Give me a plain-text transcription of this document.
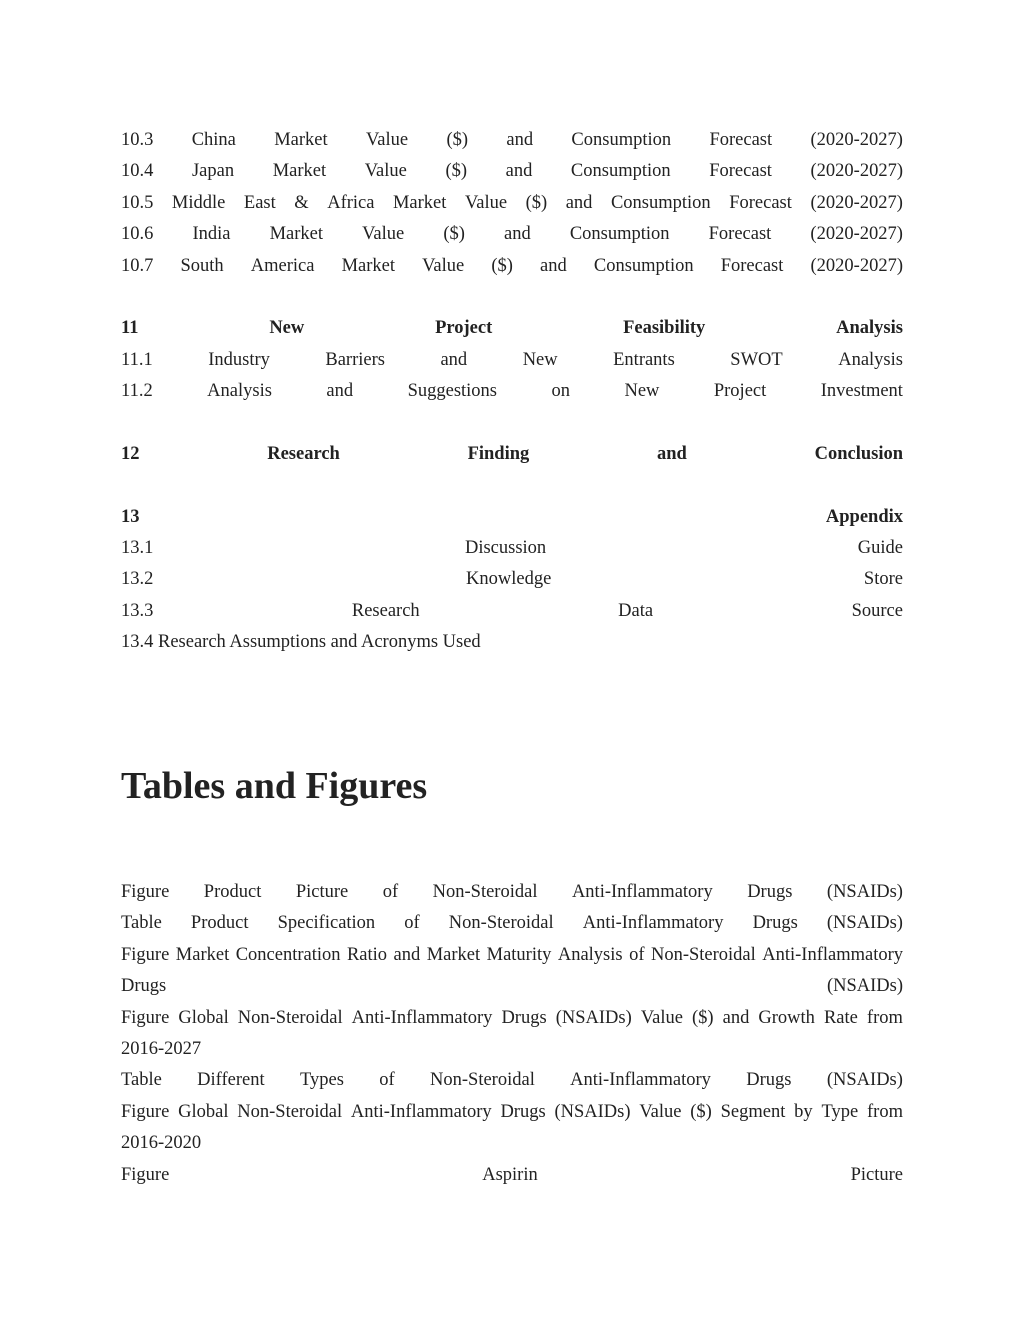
10.3 China Market Value ($) and Consumption Forecast (2020-2027)
10.4 Japan Market Value ($) and Consumption Forecast (2020-2027)
10.5 Middle East & Africa Market Value ($) and Consumption Forecast (2020-2027)
10.6 India Market Value ($) and Consumption Forecast (2020-2027)
10.7 South America Market Value ($) and Consumption Forecast (2020-2027)
11	New	Project	Feasibility	Analysis
11.1	Industry	Barriers	and	New	Entrants	SWOT	Analysis
11.2	Analysis	and	Suggestions	on	New	Project	Investment
12	Research	Finding	and	Conclusion
13	Appendix
13.1	Discussion	Guide
13.2	Knowledge	Store
13.3	Research	Data	Source
13.4 Research Assumptions and Acronyms Used
Tables and Figures
Figure Product Picture of Non-Steroidal Anti-Inflammatory Drugs (NSAIDs)
Table Product Specification of Non-Steroidal Anti-Inflammatory Drugs (NSAIDs)
Figure Market Concentration Ratio and Market Maturity Analysis of Non-Steroidal Anti-Inflammatory
Drugs	(NSAIDs)
Figure Global Non-Steroidal Anti-Inflammatory Drugs (NSAIDs) Value ($) and Growth Rate from
2016-2027
Table Different Types of Non-Steroidal Anti-Inflammatory Drugs (NSAIDs)
Figure Global Non-Steroidal Anti-Inflammatory Drugs (NSAIDs) Value ($) Segment by Type from
2016-2020
Figure	Aspirin	Picture
